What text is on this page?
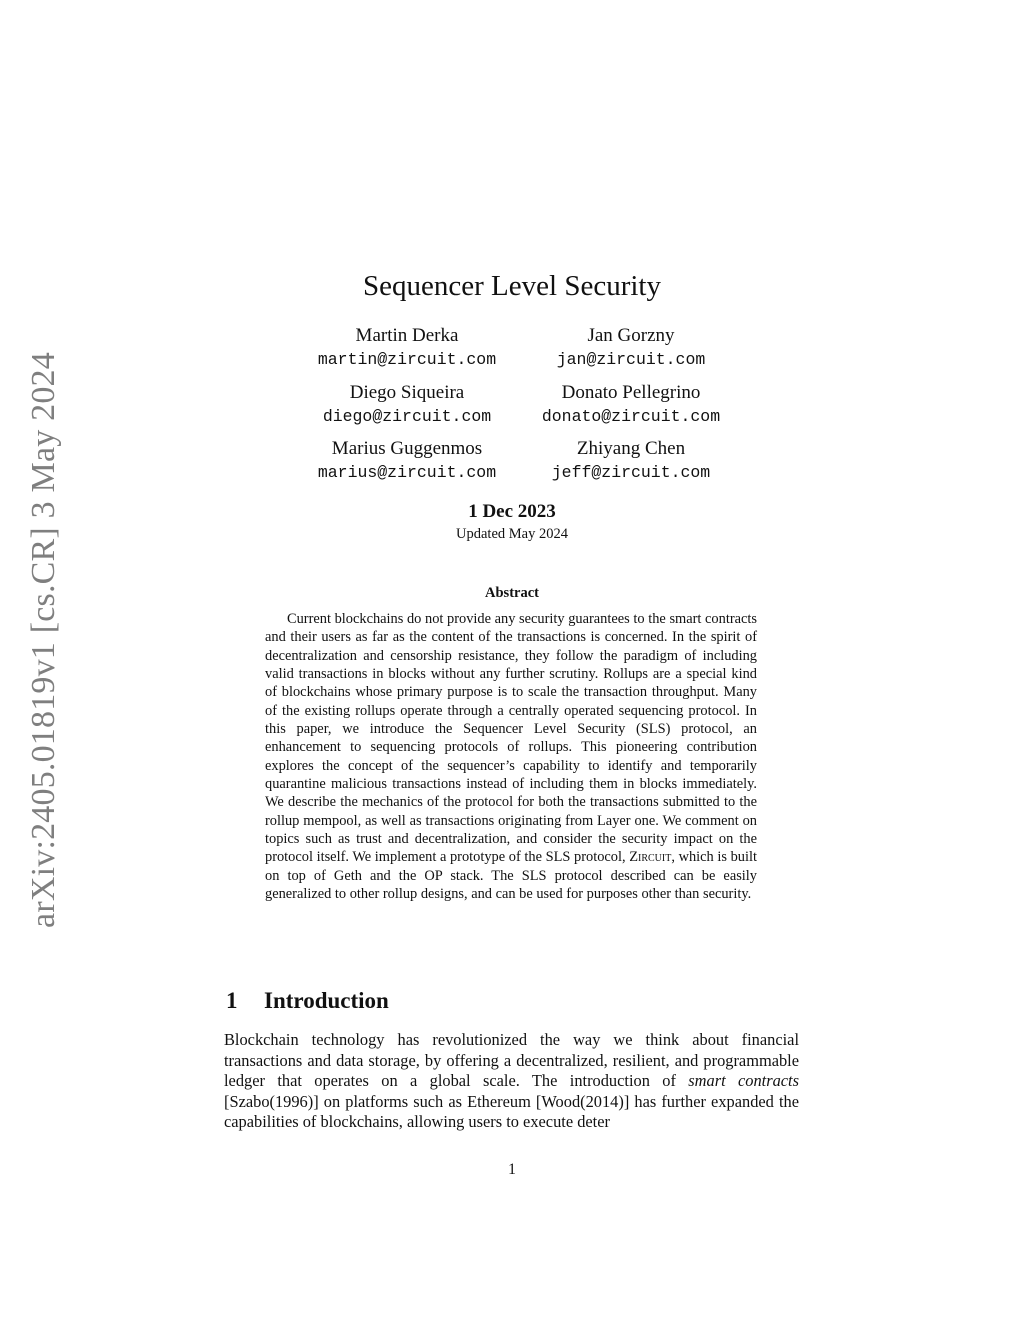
arXiv:2405.01819v1 [cs.CR] 3 May 2024
Sequencer Level Security
Martin Derka
martin@zircuit.com
Jan Gorzny
jan@zircuit.com
Diego Siqueira
diego@zircuit.com
Donato Pellegrino
donato@zircuit.com
Marius Guggenmos
marius@zircuit.com
Zhiyang Chen
jeff@zircuit.com
1 Dec 2023
Updated May 2024
Abstract

Current blockchains do not provide any security guarantees to the smart contracts and their users as far as the content of the transactions is concerned. In the spirit of decentralization and censorship resistance, they follow the paradigm of including valid transactions in blocks without any further scrutiny. Rollups are a special kind of blockchains whose primary purpose is to scale the transaction throughput. Many of the existing rollups operate through a centrally operated sequencing protocol. In this paper, we introduce the Sequencer Level Security (SLS) protocol, an enhancement to sequencing protocols of rollups. This pioneering contribution explores the concept of the sequencer’s capability to identify and temporarily quarantine malicious transactions instead of including them in blocks immediately. We describe the mechanics of the protocol for both the transactions submitted to the rollup mempool, as well as transactions originating from Layer one. We comment on topics such as trust and decentralization, and consider the security impact on the protocol itself. We implement a prototype of the SLS protocol, Zircuit, which is built on top of Geth and the OP stack. The SLS protocol described can be easily generalized to other rollup designs, and can be used for purposes other than security.

1 Introduction

Blockchain technology has revolutionized the way we think about financial transactions and data storage, by offering a decentralized, resilient, and programmable ledger that operates on a global scale. The introduction of smart contracts [Szabo(1996)] on platforms such as Ethereum [Wood(2014)] has further expanded the capabilities of blockchains, allowing users to execute deter

1
